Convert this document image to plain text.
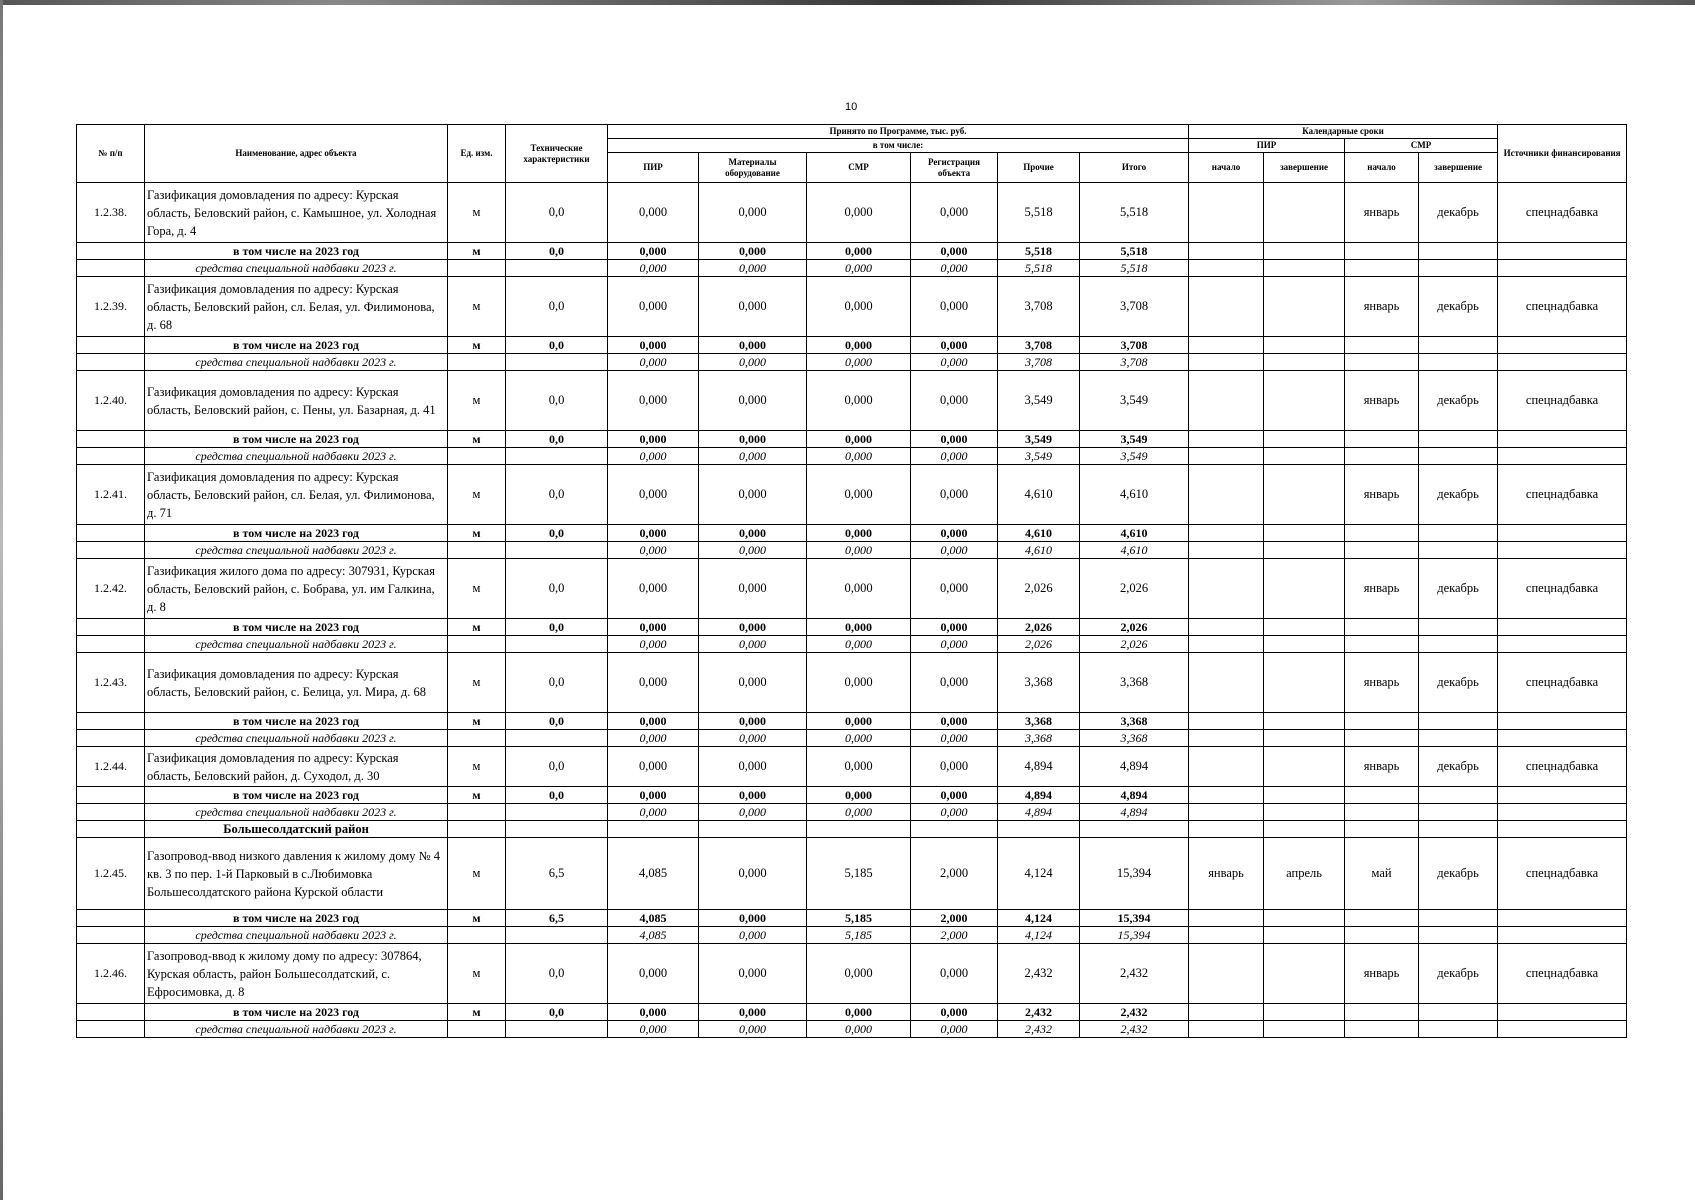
10
№ п/п	Наименование, адрес объекта	Ед. изм.	Технические характеристики	Принято по Программе, тыс. руб.						Календарные сроки				Источники финансирования
				в том числе:						ПИР		СМР		
				ПИР	Материалы оборудование	СМР	Регистрация объекта	Прочие	Итого	начало	завершение	начало	завершение	
1.2.38.	Газификация домовладения по адресу: Курская область, Беловский район, с. Камышное, ул. Холодная Гора, д. 4	м	0,0	0,000	0,000	0,000	0,000	5,518	5,518			январь	декабрь	спецнадбавка
	в том числе на 2023 год	м	0,0	0,000	0,000	0,000	0,000	5,518	5,518					
	средства специальной надбавки 2023 г.			0,000	0,000	0,000	0,000	5,518	5,518					
1.2.39.	Газификация домовладения по адресу: Курская область, Беловский район, сл. Белая, ул. Филимонова, д. 68	м	0,0	0,000	0,000	0,000	0,000	3,708	3,708			январь	декабрь	спецнадбавка
	в том числе на 2023 год	м	0,0	0,000	0,000	0,000	0,000	3,708	3,708					
	средства специальной надбавки 2023 г.			0,000	0,000	0,000	0,000	3,708	3,708					
1.2.40.	Газификация домовладения по адресу: Курская область, Беловский район, с. Пены, ул. Базарная, д. 41	м	0,0	0,000	0,000	0,000	0,000	3,549	3,549			январь	декабрь	спецнадбавка
	в том числе на 2023 год	м	0,0	0,000	0,000	0,000	0,000	3,549	3,549					
	средства специальной надбавки 2023 г.			0,000	0,000	0,000	0,000	3,549	3,549					
1.2.41.	Газификация домовладения по адресу: Курская область, Беловский район, сл. Белая, ул. Филимонова, д. 71	м	0,0	0,000	0,000	0,000	0,000	4,610	4,610			январь	декабрь	спецнадбавка
	в том числе на 2023 год	м	0,0	0,000	0,000	0,000	0,000	4,610	4,610					
	средства специальной надбавки 2023 г.			0,000	0,000	0,000	0,000	4,610	4,610					
1.2.42.	Газификация жилого дома по адресу: 307931, Курская область, Беловский район, с. Бобрава, ул. им Галкина, д. 8	м	0,0	0,000	0,000	0,000	0,000	2,026	2,026			январь	декабрь	спецнадбавка
	в том числе на 2023 год	м	0,0	0,000	0,000	0,000	0,000	2,026	2,026					
	средства специальной надбавки 2023 г.			0,000	0,000	0,000	0,000	2,026	2,026					
1.2.43.	Газификация домовладения по адресу: Курская область, Беловский район, с. Белица, ул. Мира, д. 68	м	0,0	0,000	0,000	0,000	0,000	3,368	3,368			январь	декабрь	спецнадбавка
	в том числе на 2023 год	м	0,0	0,000	0,000	0,000	0,000	3,368	3,368					
	средства специальной надбавки 2023 г.			0,000	0,000	0,000	0,000	3,368	3,368					
1.2.44.	Газификация домовладения по адресу: Курская область, Беловский район, д. Суходол, д. 30	м	0,0	0,000	0,000	0,000	0,000	4,894	4,894			январь	декабрь	спецнадбавка
	в том числе на 2023 год	м	0,0	0,000	0,000	0,000	0,000	4,894	4,894					
	средства специальной надбавки 2023 г.			0,000	0,000	0,000	0,000	4,894	4,894					
	Большесолдатский район													
1.2.45.	Газопровод-ввод низкого давления к жилому дому № 4 кв. 3 по пер. 1-й Парковый в с.Любимовка Большесолдатского района Курской области	м	6,5	4,085	0,000	5,185	2,000	4,124	15,394	январь	апрель	май	декабрь	спецнадбавка
	в том числе на 2023 год	м	6,5	4,085	0,000	5,185	2,000	4,124	15,394					
	средства специальной надбавки 2023 г.			4,085	0,000	5,185	2,000	4,124	15,394					
1.2.46.	Газопровод-ввод к жилому дому по адресу: 307864, Курская область, район Большесолдатский, с. Ефросимовка, д. 8	м	0,0	0,000	0,000	0,000	0,000	2,432	2,432			январь	декабрь	спецнадбавка
	в том числе на 2023 год	м	0,0	0,000	0,000	0,000	0,000	2,432	2,432					
	средства специальной надбавки 2023 г.			0,000	0,000	0,000	0,000	2,432	2,432					
